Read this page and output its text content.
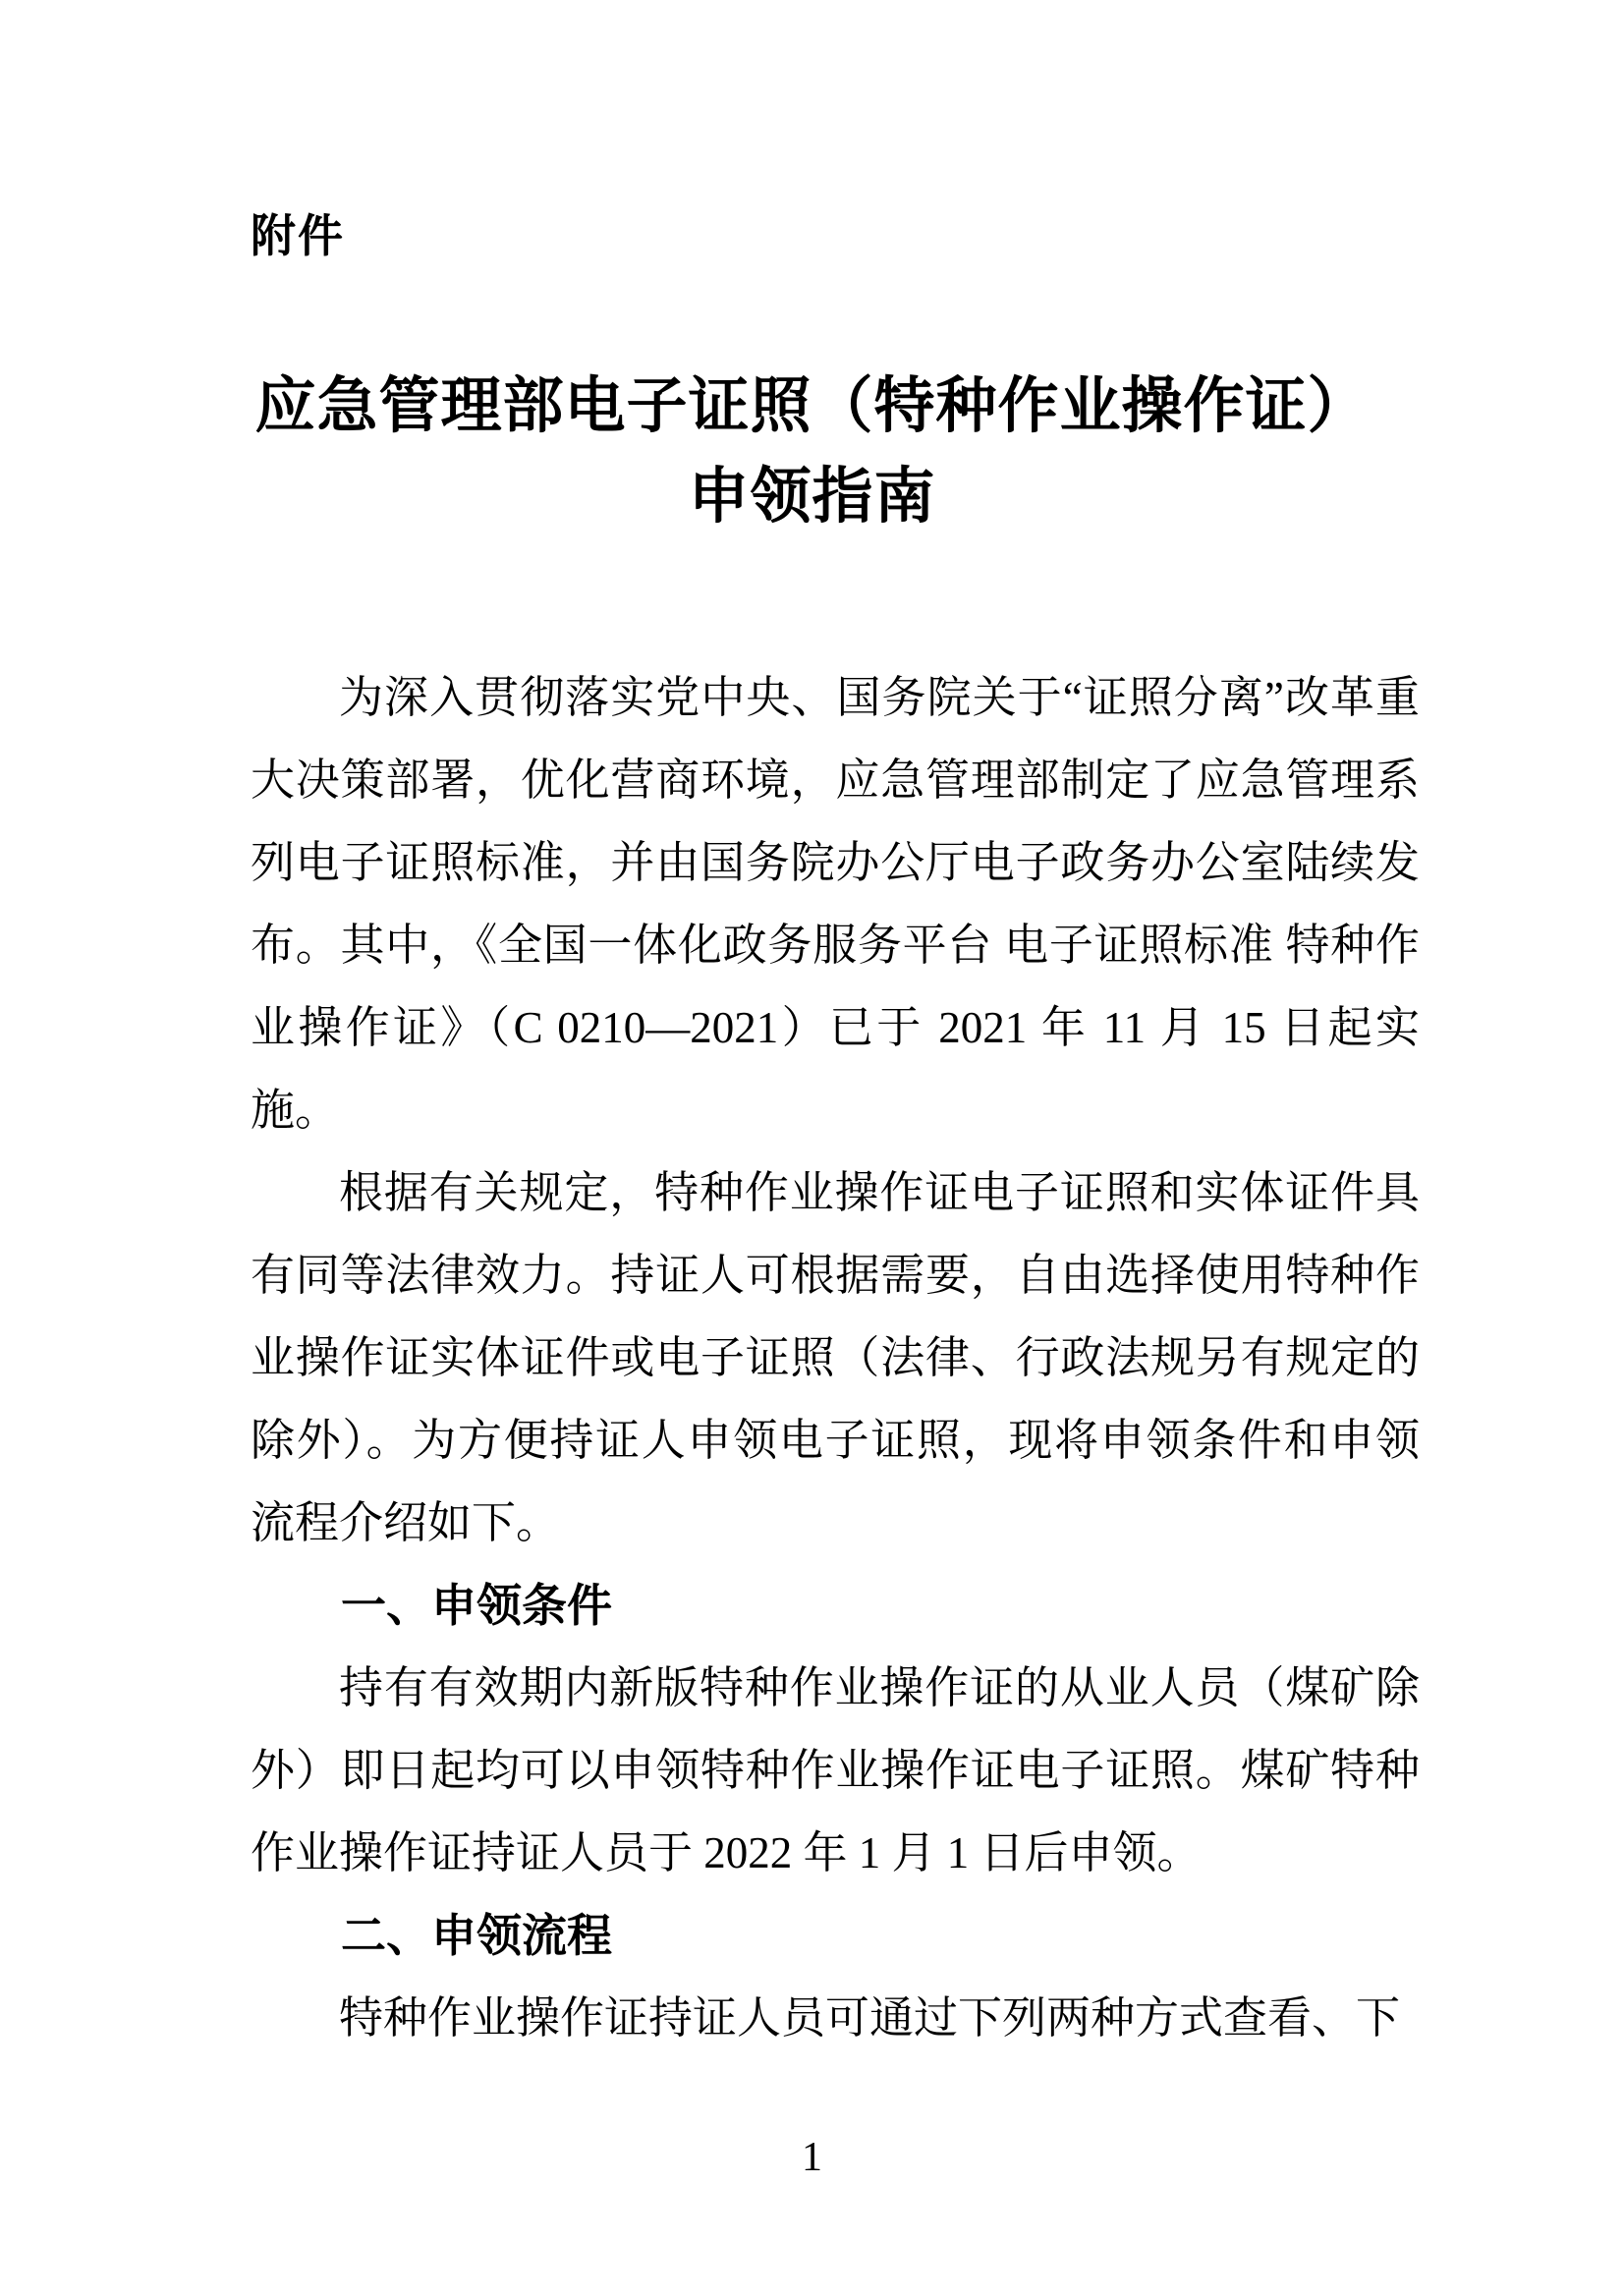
附件
应急管理部电子证照（特种作业操作证）
申领指南

为深入贯彻落实党中央、国务院关于“证照分离”改革重大决策部署，优化营商环境，应急管理部制定了应急管理系列电子证照标准，并由国务院办公厅电子政务办公室陆续发布。其中，《全国一体化政务服务平台 电子证照标准 特种作业操作证》（C 0210—2021）已于 2021 年 11 月 15 日起实施。

根据有关规定，特种作业操作证电子证照和实体证件具有同等法律效力。持证人可根据需要，自由选择使用特种作业操作证实体证件或电子证照（法律、行政法规另有规定的除外）。为方便持证人申领电子证照，现将申领条件和申领流程介绍如下。

一、申领条件

持有有效期内新版特种作业操作证的从业人员（煤矿除外）即日起均可以申领特种作业操作证电子证照。煤矿特种作业操作证持证人员于 2022 年 1 月 1 日后申领。

二、申领流程

特种作业操作证持证人员可通过下列两种方式查看、下

1
